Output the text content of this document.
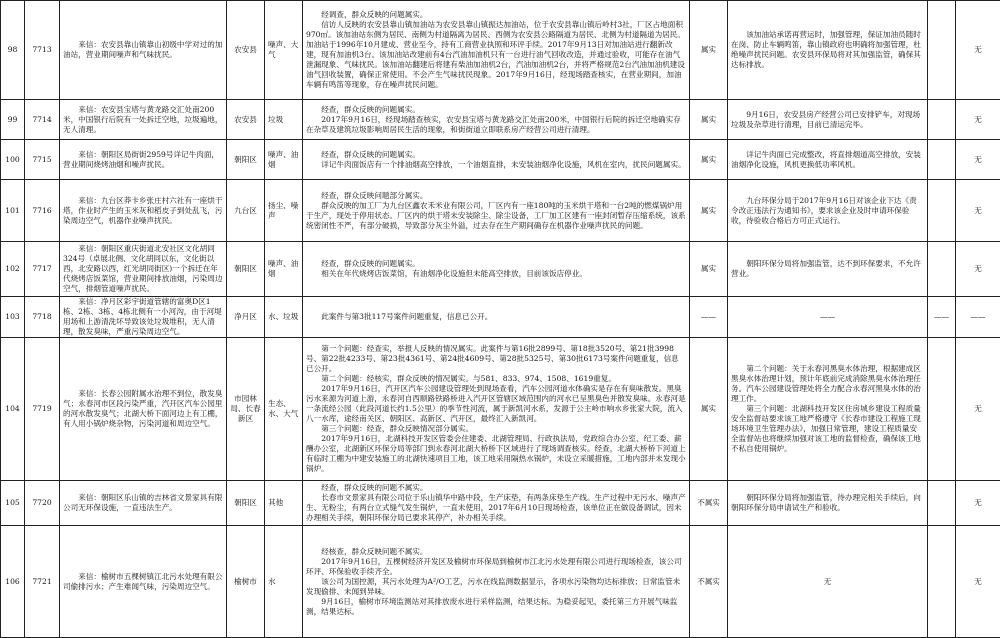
98	7713	来信：农安县靠山镇靠山初级中学对过的加油站，营业期间噪声和气味扰民。	农安县	噪声、大气	经调查，群众反映的问题属实。
信访人反映的农安县靠山镇加油站为农安县靠山镇振达加油站，位于农安县靠山镇后岭村3社，厂区占地面积970㎡。该加油站东侧为居民、南侧为村道隔离为居民、西侧为农安县公路隔道为居民、北侧为村道隔道为居民。加油站于1996年10月建成、营业至今，持有工商营业执照和环评手续。2017年9月13日对加油站进行翻新改建，现有加油机3台。该加油站改建前有4台汽油加油机只有一台进行油气回收改造，并通过验收，可能存在油气泄漏现象、气味扰民。该加油站翻建后将建有柴油加油机2台，汽油加油机2台，并将严格规范2台汽油加油机建设油气回收装置，确保正常使用。不会产生气味扰民现象。2017年9月16日，经现场踏查核实，在营业期间，加油车辆有鸣笛等现象，存在噪声扰民问题。	属实	该加油站承诺再营运时，加强管理，保证加油员随时在岗、防止车辆鸣笛，靠山镇政府也明确将加强管理，杜绝噪声扰民问题。农安县环保局将对其加强监管，确保其达标排放。		无
99	7714	来信：农安县宝塔与黄龙路交汇处南200米，中国银行后院有一处拆迁空地，垃圾遍地，无人清理。	农安县	垃圾	经查，群众反映的问题属实。
2017年9月16日，经现场踏查核实，农安县宝塔与黄龙路交汇处南200米，中国银行后院的拆迁空地确实存在杂草及建筑垃圾影响周居民生活的现象，和街街道立即联系房产经营公司进行清理。	属实	9月16日，农安县房产经营公司已安排铲车，对现场垃圾及杂草进行清理，目前已清运完毕。		无
100	7715	来信：朝阳区局街街2959号详记牛肉面，营业期间烧烤油烟和噪声扰民。	朝阳区	噪声、油烟	经查，群众反映的问题属实。
详记牛肉面饭店有一个排油烟高空排放，一个油烟直排，未安装油烟净化设施，风机在室内，扰民问题属实。	属实	详记牛肉面已完成整改，将直排烟道高空排放，安装油烟净化设施，风机更换低功率风机。		无
101	7716	来信：九台区莽卡乡张庄村六社有一座烘干塔，作业时产生的玉米灰和稻皮子到处乱飞，污染周边空气，机器作业噪声扰民。	九台区	扬尘、噪声	经查，群众反映问题部分属实。
群众反映的加工厂为九台区鑫农禾米业有限公司，厂区内有一座180吨的玉米烘干塔和一台2吨的燃煤锅炉用于生产，现处于停用状态。厂区内的烘干塔未安装除尘、除尘设备，工厂加工区建有一座封闭暂存压缩系统，该系统密闭性不严，有部分破损，导致部分灰尘外溢，过去存在生产期间确存在机器作业噪声扰民的问题。	属实	九台环保分局于2017年9月16日对该企业下达《责令改正违法行为通知书》，要求该企业及时申请环保验收，待验收合格后方可正式运行。		无
102	7717	来信：朝阳区重庆街道北安社区文化胡同324号（卓展北侧、文化胡同以东，文化街以西，北安路以西，红光胡同街区)一个拆迁在年代烧烤店饭菜馆，营业期间排放油烟，污染周边空气，排烟管道噪声扰民。	朝阳区	噪声、油烟	经查，群众反映的问题属实。
相关在年代烧烤店饭菜馆，有油烟净化设施但未能高空排放，目前该饭店停业。	属实	朝阳环保分局将加强监管，达不到环保要求，不允许营业。		无
103	7718	来信：净月区彩宇街道管辖的富奥D区1栋、2栋、3栋、4栋北侧有一小河沟，由于河堤用场和上游清洗坏导致该处垃圾堆积，无人清理，散发臭味，严重污染周边空气。	净月区	水、垃圾	此案件与第3批117号案件问题重复，信息已公开。	——	——	——	——
104	7719	来信：长春公园附属水治理不到位，散发臭气；永春河市区段污染严重，汽开区汽车公园里的河水散发臭气；北湖大桥下面河边上有工棚，有人用小锅炉烧杂物，污染河道和周边空气。	市园林局、长春新区	生态、水、大气	第一个问题：经查实，举报人反映的情况属实。此案件与第16批2899号、第18批3520号、第21批3998号、第22批4233号、第23批4361号、第24批4609号、第28批5325号、第30批6173号案件问题重复，信息已公开。
第二个问题：经核实，群众反映的情况属实。与581、833、974、1508、1619重复。
2017年9月16日，汽开区汽车公园建设管理处到现场查看，汽车公园河道水体确实是存在有臭味散发。黑臭污水来源为河道上游，永春河自西顺路铁路桥进入汽开区管辖区域范围内的河水已呈黑臭色并散发臭味。永春河是一条流经公园（此段河道长约1.5公里）的季节性河流，属于新凯河水系，发源于公主岭市响水乡张家大院，流入八一水库，途经南关区、朝阳区、高新区、汽开区，最终汇入新凯河。
第三个问题：经查，群众反映情况部分属实。
2017年9月16日，北湖科技开发区管委会住建委、北湖管理局、行政执法局，党政综合办公室、纪工委、薪酬办公室，北湖新区环保分局等部门到永春河北湖大桥桥下区域进行了现场调查核实。经查，北湖大桥桥下河道上有临时工棚为中建安装施工的北湖快速项目工地，该工地采用隔热水锅炉，未设立采暖措施，工地内部并未发现小锅炉。	属实	第二个问题：关于永春河黑臭水体治理，根据建成区黑臭水体治理计划，预计年底前完成消除黑臭水体治理任务。汽车公园建设管理处将全力配合永春河黑臭水体的治理工作。
第三个问题：北湖科技开发区住房城乡建设工程质量安全监督站要求该工地严格遵守《长春市建设工程施工现场环境卫生管理办法》，加强日常管理，建设工程质量安全监督站也将继续加强对该工地的监督检查，确保该工地不私自使用锅炉。		无
105	7720	来信：朝阳区乐山镇的吉林省文景家具有限公司无环保设施，一直违法生产。	朝阳区	其他	经查，群众反映的问题不属实。
长春市文景家具有限公司位于乐山镇华中路中段，生产床垫，有两条床垫生产线。生产过程中无污水、噪声产生、无粉尘，有两台立式缝气发生锅炉，一直未使用，2017年6月10日现场检查，该单位正在做设备调试，因未办理相关手续，朝阳环保分局已要求其停产，补办相关手续。	不属实	朝阳环保分局将加强监管，待办理完相关手续后，向朝阳环保分局申请试生产和验收。		无
106	7721	来信：榆树市五棵树镇江北污水处理有限公司偷排污水；产生难闻气味，污染周边空气。	榆树市	水	经核查，群众反映问题不属实。
2017年9月16日，五棵树经济开发区及榆树市环保局到榆树市江北污水处理有限公司进行现场检查，该公司环评、环保验收手续齐全。
该公司为国控源，其污水处理为A²/O工艺，污水在线监测数据显示，各项水污染物均达标排放；日常监管未发现偷排、未闻到异味。
9月16日，榆树市环境监测站对其排放废水进行采样监测，结果达标。为稳妥起见，委托第三方开展气味监测，结果达标。	不属实	无		无
